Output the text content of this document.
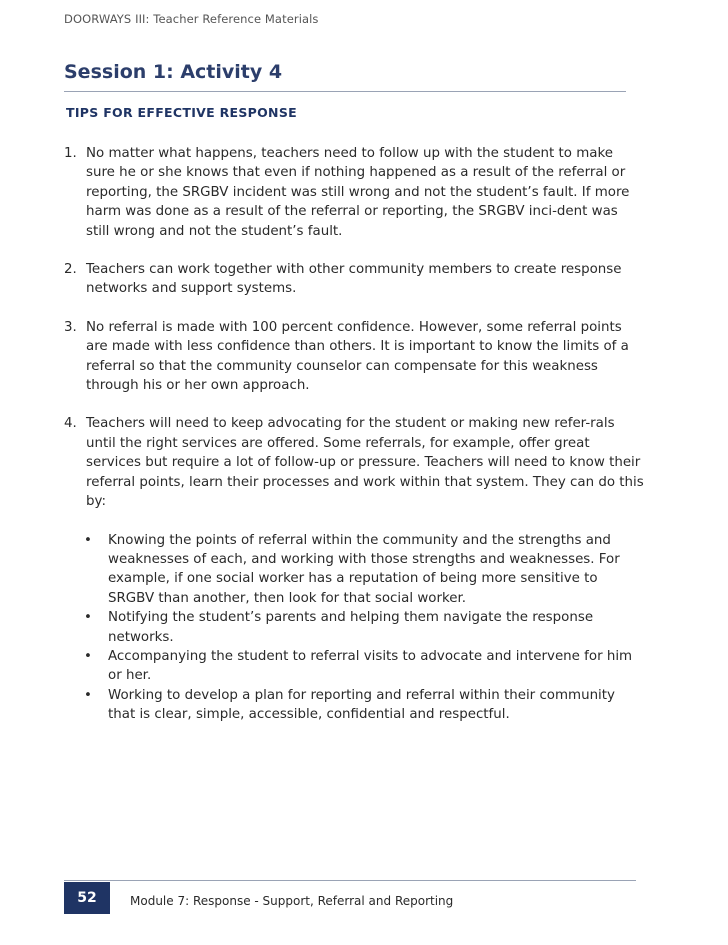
DOORWAYS III: Teacher Reference Materials
Session 1: Activity 4
TIPS FOR EFFECTIVE RESPONSE
1. No matter what happens, teachers need to follow up with the student to make sure he or she knows that even if nothing happened as a result of the referral or reporting, the SRGBV incident was still wrong and not the student’s fault. If more harm was done as a result of the referral or reporting, the SRGBV inci-dent was still wrong and not the student’s fault.
2. Teachers can work together with other community members to create response networks and support systems.
3. No referral is made with 100 percent confidence. However, some referral points are made with less confidence than others. It is important to know the limits of a referral so that the community counselor can compensate for this weakness through his or her own approach.
4. Teachers will need to keep advocating for the student or making new refer-rals until the right services are offered. Some referrals, for example, offer great services but require a lot of follow-up or pressure. Teachers will need to know their referral points, learn their processes and work within that system. They can do this by:
•	Knowing the points of referral within the community and the strengths and weaknesses of each, and working with those strengths and weaknesses. For example, if one social worker has a reputation of being more sensitive to SRGBV than another, then look for that social worker.
•	Notifying the student’s parents and helping them navigate the response networks.
•	Accompanying the student to referral visits to advocate and intervene for him or her.
•	Working to develop a plan for reporting and referral within their community that is clear, simple, accessible, confidential and respectful.
52	Module 7: Response - Support, Referral and Reporting
